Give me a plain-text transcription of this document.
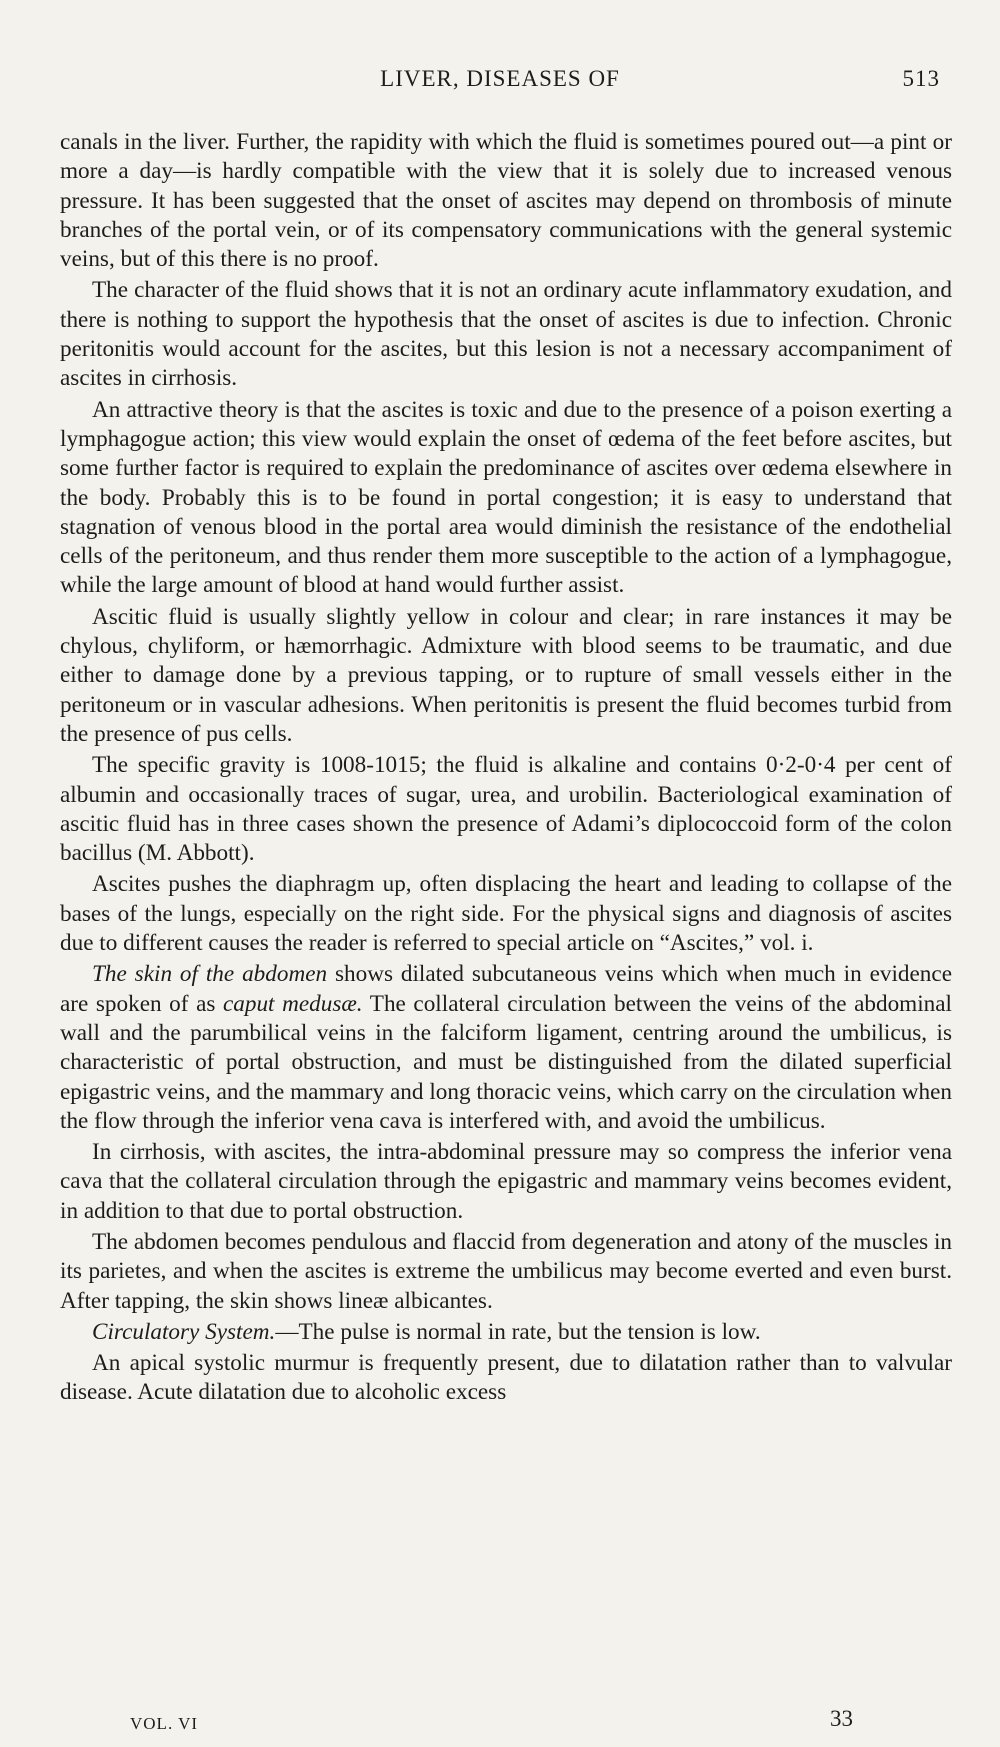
LIVER, DISEASES OF	513

canals in the liver. Further, the rapidity with which the fluid is sometimes poured out—a pint or more a day—is hardly compatible with the view that it is solely due to increased venous pressure. It has been suggested that the onset of ascites may depend on thrombosis of minute branches of the portal vein, or of its compensatory communications with the general systemic veins, but of this there is no proof.

The character of the fluid shows that it is not an ordinary acute inflammatory exudation, and there is nothing to support the hypothesis that the onset of ascites is due to infection. Chronic peritonitis would account for the ascites, but this lesion is not a necessary accompaniment of ascites in cirrhosis.

An attractive theory is that the ascites is toxic and due to the presence of a poison exerting a lymphagogue action; this view would explain the onset of œdema of the feet before ascites, but some further factor is required to explain the predominance of ascites over œdema elsewhere in the body. Probably this is to be found in portal congestion; it is easy to understand that stagnation of venous blood in the portal area would diminish the resistance of the endothelial cells of the peritoneum, and thus render them more susceptible to the action of a lymphagogue, while the large amount of blood at hand would further assist.

Ascitic fluid is usually slightly yellow in colour and clear; in rare instances it may be chylous, chyliform, or hæmorrhagic. Admixture with blood seems to be traumatic, and due either to damage done by a previous tapping, or to rupture of small vessels either in the peritoneum or in vascular adhesions. When peritonitis is present the fluid becomes turbid from the presence of pus cells.

The specific gravity is 1008-1015; the fluid is alkaline and contains 0·2-0·4 per cent of albumin and occasionally traces of sugar, urea, and urobilin. Bacteriological examination of ascitic fluid has in three cases shown the presence of Adami’s diplococcoid form of the colon bacillus (M. Abbott).

Ascites pushes the diaphragm up, often displacing the heart and leading to collapse of the bases of the lungs, especially on the right side. For the physical signs and diagnosis of ascites due to different causes the reader is referred to special article on “Ascites,” vol. i.

The skin of the abdomen shows dilated subcutaneous veins which when much in evidence are spoken of as caput medusæ. The collateral circulation between the veins of the abdominal wall and the parumbilical veins in the falciform ligament, centring around the umbilicus, is characteristic of portal obstruction, and must be distinguished from the dilated superficial epigastric veins, and the mammary and long thoracic veins, which carry on the circulation when the flow through the inferior vena cava is interfered with, and avoid the umbilicus.

In cirrhosis, with ascites, the intra-abdominal pressure may so compress the inferior vena cava that the collateral circulation through the epigastric and mammary veins becomes evident, in addition to that due to portal obstruction.

The abdomen becomes pendulous and flaccid from degeneration and atony of the muscles in its parietes, and when the ascites is extreme the umbilicus may become everted and even burst. After tapping, the skin shows lineæ albicantes.

Circulatory System.—The pulse is normal in rate, but the tension is low.

An apical systolic murmur is frequently present, due to dilatation rather than to valvular disease. Acute dilatation due to alcoholic excess

VOL. VI	33
